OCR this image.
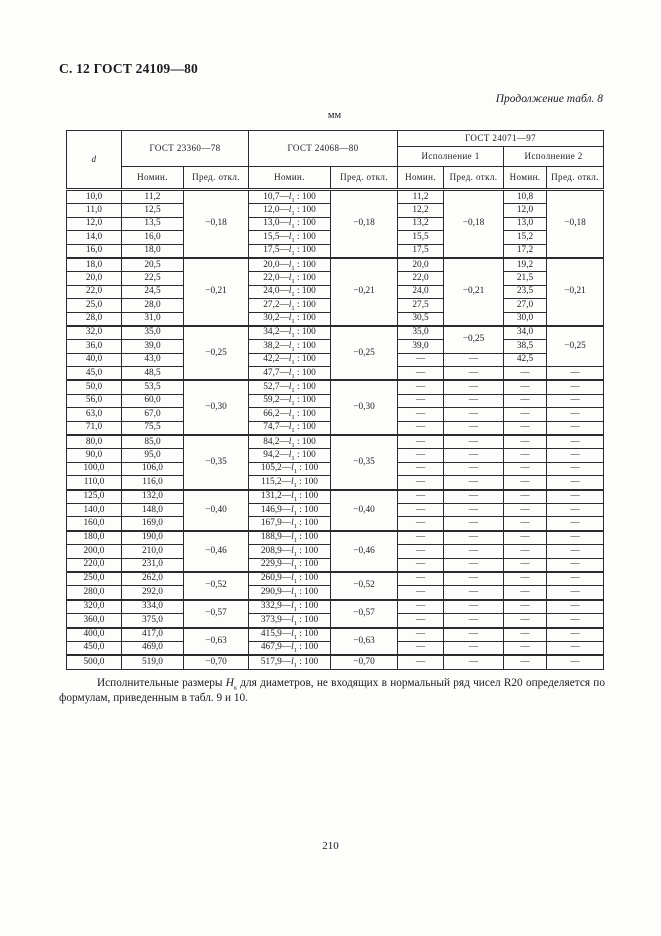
С. 12 ГОСТ 24109—80
Продолжение табл. 8
мм
d	ГОСТ 23360—78		ГОСТ 24068—80		ГОСТ 24071—97			
					Исполнение 1		Исполнение 2	
	Номин.	Пред. откл.	Номин.	Пред. откл.	Номин.	Пред. откл.	Номин.	Пред. откл.
10,0	11,2	−0,18	$10,7—l_1$ : 100	−0,18	11,2	−0,18	10,8	−0,18
11,0	12,5		$12,0—l_1$ : 100		12,2		12,0	
12,0	13,5		$13,0—l_1$ : 100		13,2		13,0	
14,0	16,0		$15,5—l_1$ : 100		15,5		15,2	
16,0	18,0		$17,5—l_1$ : 100		17,5		17,2	
18,0	20,5	−0,21	$20,0—l_1$ : 100	−0,21	20,0	−0,21	19,2	−0,21
20,0	22,5		$22,0—l_1$ : 100		22,0		21,5	
22,0	24,5		$24,0—l_1$ : 100		24,0		23,5	
25,0	28,0		$27,2—l_1$ : 100		27,5		27,0	
28,0	31,0		$30,2—l_1$ : 100		30,5		30,0	
32,0	35,0	−0,25	$34,2—l_1$ : 100	−0,25	35,0	−0,25	34,0	−0,25
36,0	39,0		$38,2—l_1$ : 100		39,0		38,5	
40,0	43,0		$42,2—l_1$ : 100		—	—	42,5	
45,0	48,5		$47,7—l_1$ : 100		—	—	—	—
50,0	53,5	−0,30	$52,7—l_1$ : 100	−0,30	—	—	—	—
56,0	60,0		$59,2—l_1$ : 100		—	—	—	—
63,0	67,0		$66,2—l_1$ : 100		—	—	—	—
71,0	75,5		$74,7—l_1$ : 100		—	—	—	—
80,0	85,0	−0,35	$84,2—l_1$ : 100	−0,35	—	—	—	—
90,0	95,0		$94,2—l_1$ : 100		—	—	—	—
100,0	106,0		$105,2—l_1$ : 100		—	—	—	—
110,0	116,0		$115,2—l_1$ : 100		—	—	—	—
125,0	132,0	−0,40	$131,2—l_1$ : 100	−0,40	—	—	—	—
140,0	148,0		$146,9—l_1$ : 100		—	—	—	—
160,0	169,0		$167,9—l_1$ : 100		—	—	—	—
180,0	190,0	−0,46	$188,9—l_1$ : 100	−0,46	—	—	—	—
200,0	210,0		$208,9—l_1$ : 100		—	—	—	—
220,0	231,0		$229,9—l_1$ : 100		—	—	—	—
250,0	262,0	−0,52	$260,9—l_1$ : 100	−0,52	—	—	—	—
280,0	292,0		$290,9—l_1$ : 100		—	—	—	—
320,0	334,0	−0,57	$332,9—l_1$ : 100	−0,57	—	—	—	—
360,0	375,0		$373,9—l_1$ : 100		—	—	—	—
400,0	417,0	−0,63	$415,9—l_1$ : 100	−0,63	—	—	—	—
450,0	469,0		$467,9—l_1$ : 100		—	—	—	—
500,0	519,0	−0,70	$517,9—l_1$ : 100	−0,70	—	—	—	—
Исполнительные размеры $Н_к$ для диаметров, не входящих в нормальный ряд чисел R20 определяется по формулам, приведенным в табл. 9 и 10.
210
